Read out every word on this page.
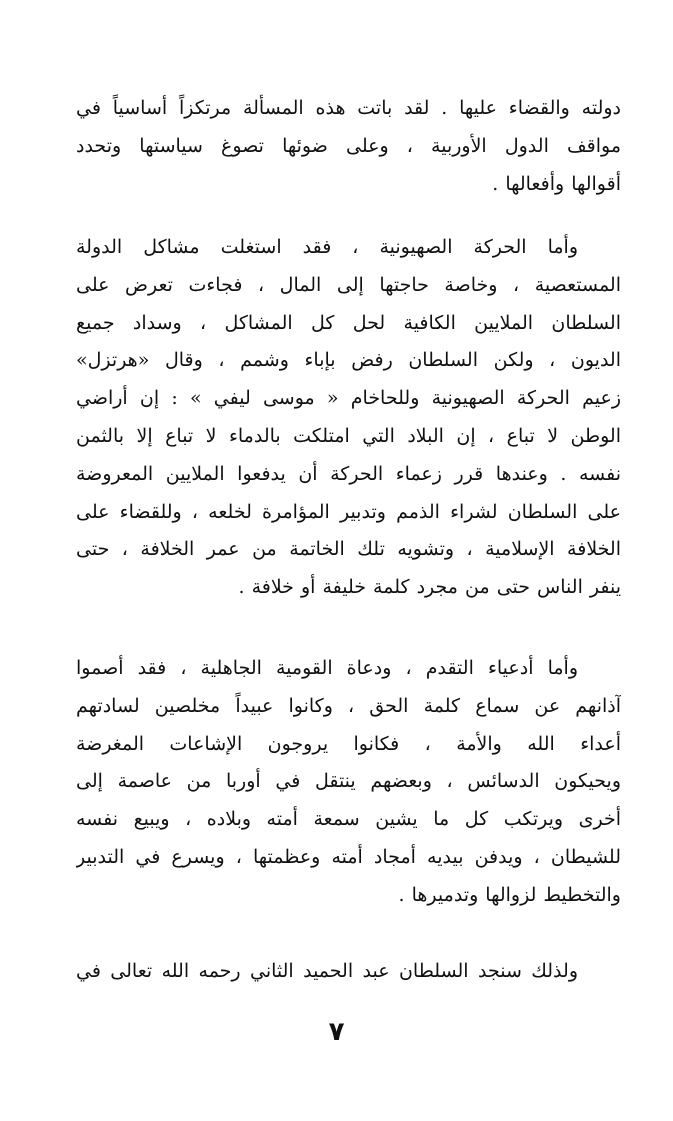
دولته والقضاء عليها . لقد باتت هذه المسألة مرتكزاً أساسياً في
مواقف الدول الأوربية ، وعلى ضوئها تصوغ سياستها وتحدد
أقوالها وأفعالها .
وأما الحركة الصهيونية ، فقد استغلت مشاكل الدولة
المستعصية ، وخاصة حاجتها إلى المال ، فجاءت تعرض على
السلطان الملايين الكافية لحل كل المشاكل ، وسداد جميع
الديون ، ولكن السلطان رفض بإباء وشمم ، وقال «هرتزل»
زعيم الحركة الصهيونية وللحاخام « موسى ليفي » : إن أراضي
الوطن لا تباع ، إن البلاد التي امتلكت بالدماء لا تباع إلا بالثمن
نفسه . وعندها قرر زعماء الحركة أن يدفعوا الملايين المعروضة
على السلطان لشراء الذمم وتدبير المؤامرة لخلعه ، وللقضاء على
الخلافة الإسلامية ، وتشويه تلك الخاتمة من عمر الخلافة ، حتى
ينفر الناس حتى من مجرد كلمة خليفة أو خلافة .
وأما أدعياء التقدم ، ودعاة القومية الجاهلية ، فقد أصموا
آذانهم عن سماع كلمة الحق ، وكانوا عبيداً مخلصين لسادتهم
أعداء الله والأمة ، فكانوا يروجون الإشاعات المغرضة
ويحيكون الدسائس ، وبعضهم ينتقل في أوربا من عاصمة إلى
أخرى ويرتكب كل ما يشين سمعة أمته وبلاده ، ويبيع نفسه
للشيطان ، ويدفن بيديه أمجاد أمته وعظمتها ، ويسرع في التدبير
والتخطيط لزوالها وتدميرها .
ولذلك سنجد السلطان عبد الحميد الثاني رحمه الله تعالى في
٧
